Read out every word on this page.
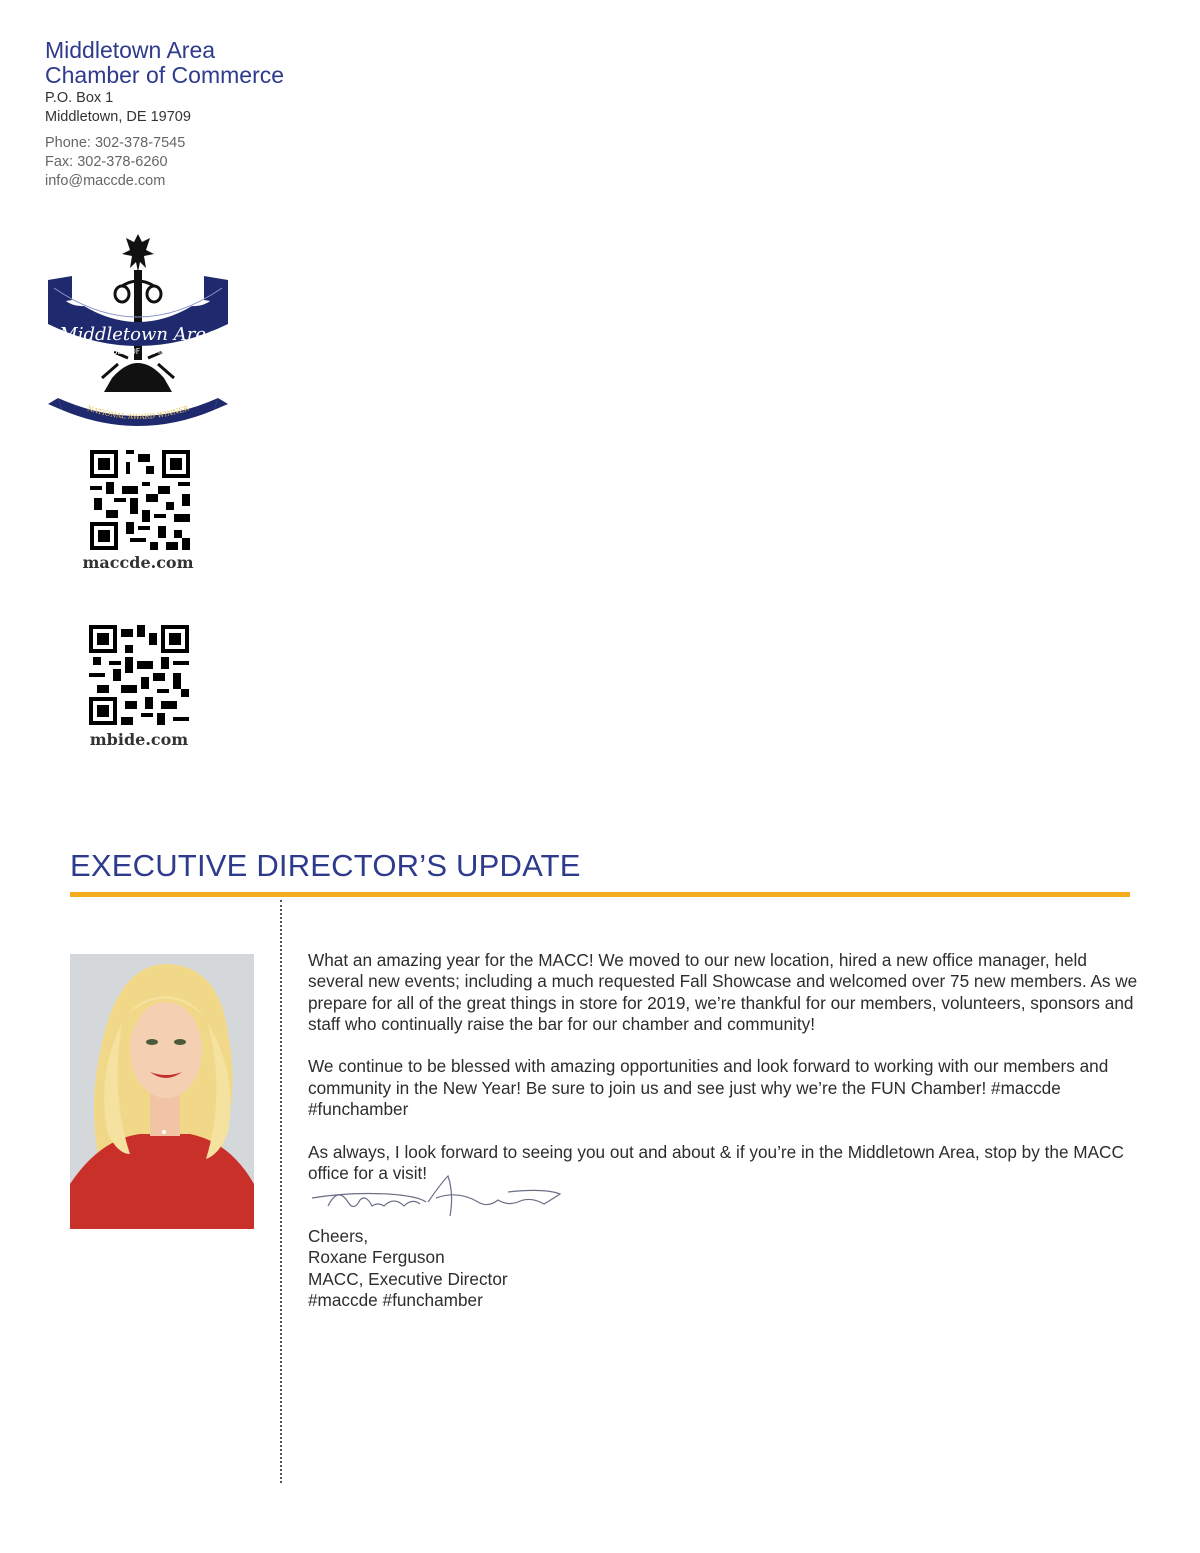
Middletown Area
Chamber of Commerce
P.O. Box 1
Middletown, DE 19709
Phone: 302-378-7545
Fax: 302-378-6260
info@maccde.com
Middletown Area
CHAMBER OF COMMERCE
NATIONAL AWARD WINNER
maccde.com
mbide.com
EXECUTIVE DIRECTOR’S UPDATE

What an amazing year for the MACC! We moved to our new location, hired a new office manager, held several new events; including a much requested Fall Showcase and welcomed over 75 new members. As we prepare for all of the great things in store for 2019, we’re thankful for our members, volunteers, sponsors and staff who continually raise the bar for our chamber and community!

We continue to be blessed with amazing opportunities and look forward to working with our members and community in the New Year! Be sure to join us and see just why we’re the FUN Chamber! #maccde #funchamber

As always, I look forward to seeing you out and about & if you’re in the Middletown Area, stop by the MACC office for a visit!

Cheers,
Roxane Ferguson
MACC, Executive Director
#maccde #funchamber
